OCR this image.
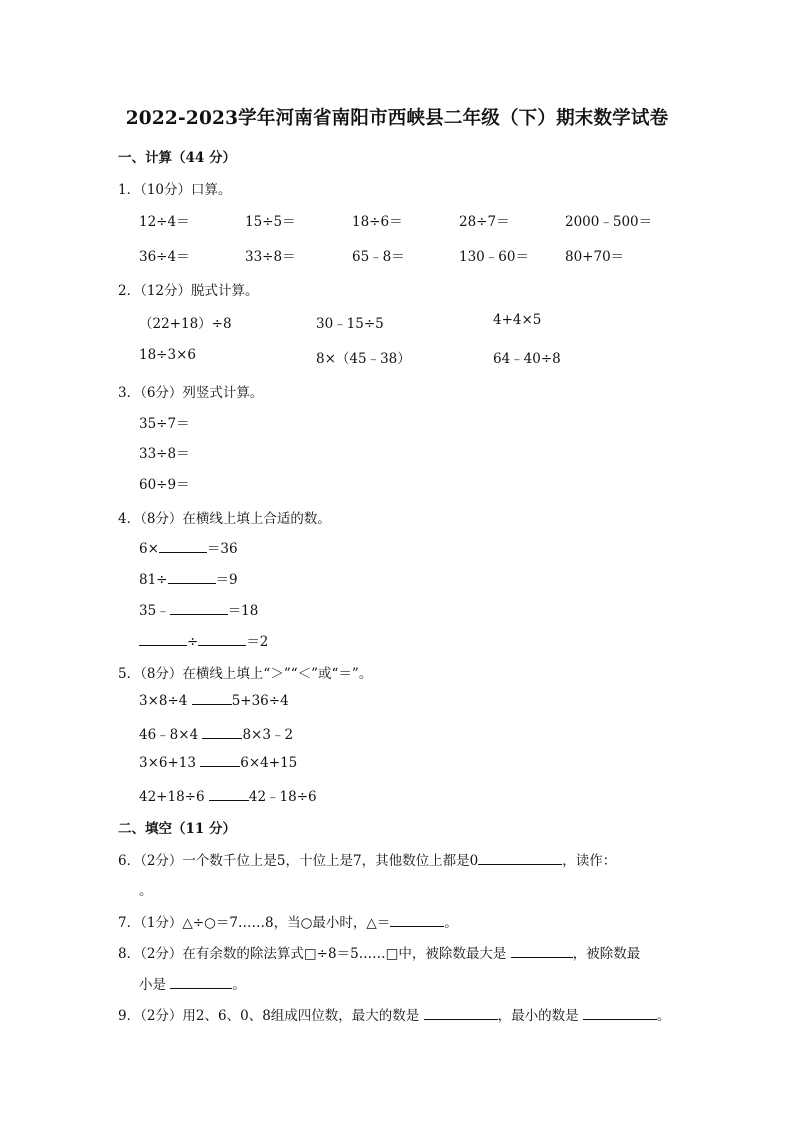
2022-2023学年河南省南阳市西峡县二年级（下）期末数学试卷
一、计算（44 分）
1．（10分）口算。
12÷4＝	15÷5＝	18÷6＝	28÷7＝	2000﹣500＝
36÷4＝	33÷8＝	65﹣8＝	130﹣60＝	80+70＝
2．（12分）脱式计算。
（22+18）÷8	30﹣15÷5	4+4×5
18÷3×6	8×（45﹣38）	64﹣40÷8
3．（6分）列竖式计算。
35÷7＝
33÷8＝
60÷9＝
4．（8分）在横线上填上合适的数。
6×	＝36
81÷	＝9
35﹣	＝18
÷	＝2
5．（8分）在横线上填上“＞”“＜”或“＝”。
3×8÷4	5+36÷4
46﹣8×4	8×3﹣2
3×6+13	6×4+15
42+18÷6	42﹣18÷6
二、填空（11 分）
6．（2分）一个数千位上是5，十位上是7，其他数位上都是0	，读作：
。
7．（1分）△÷○＝7……8，当○最小时，△＝	。
8．（2分）在有余数的除法算式□÷8＝5……□中，被除数最大是	，被除数最
小是	。
9．（2分）用2、6、0、8组成四位数，最大的数是	，最小的数是	。
